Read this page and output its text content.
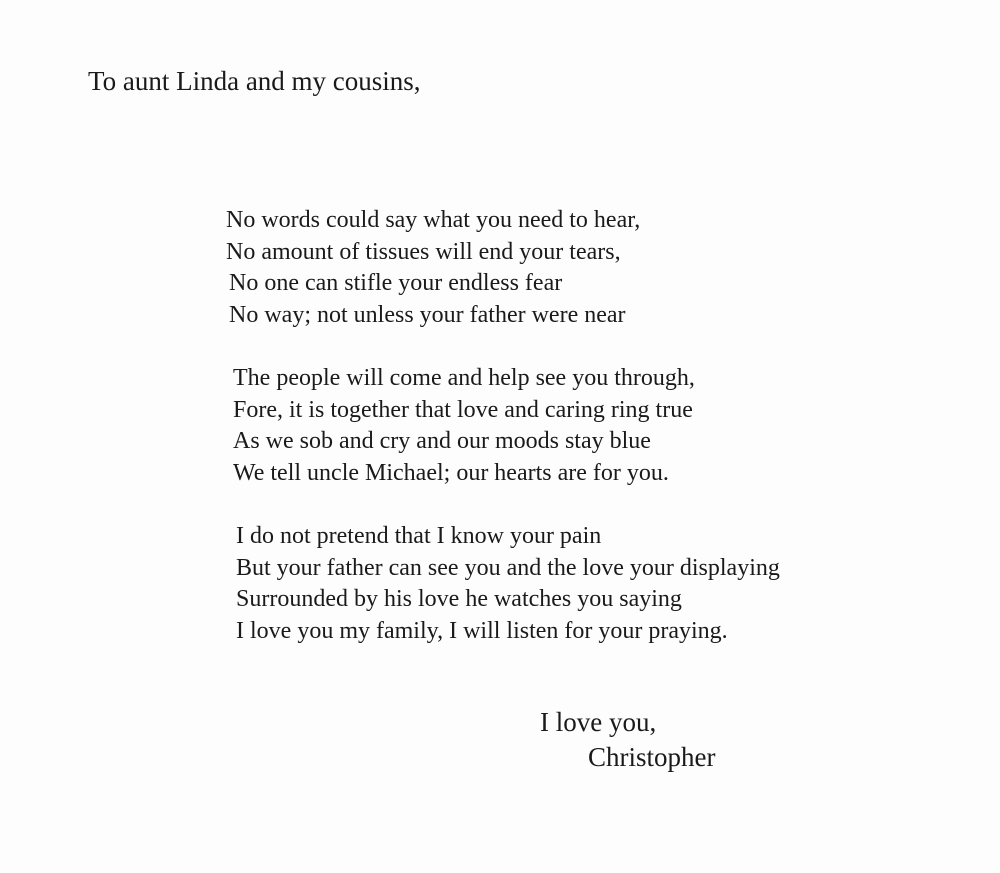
To aunt Linda and my cousins,
No words could say what you need to hear,
No amount of tissues will end your tears,
No one can stifle your endless fear
No way; not unless your father were near
The people will come and help see you through,
Fore, it is together that love and caring ring true
As we sob and cry and our moods stay blue
We tell uncle Michael; our hearts are for you.
I do not pretend that I know your pain
But your father can see you and the love your displaying
Surrounded by his love he watches you saying
I love you my family, I will listen for your praying.
I love you,
Christopher
